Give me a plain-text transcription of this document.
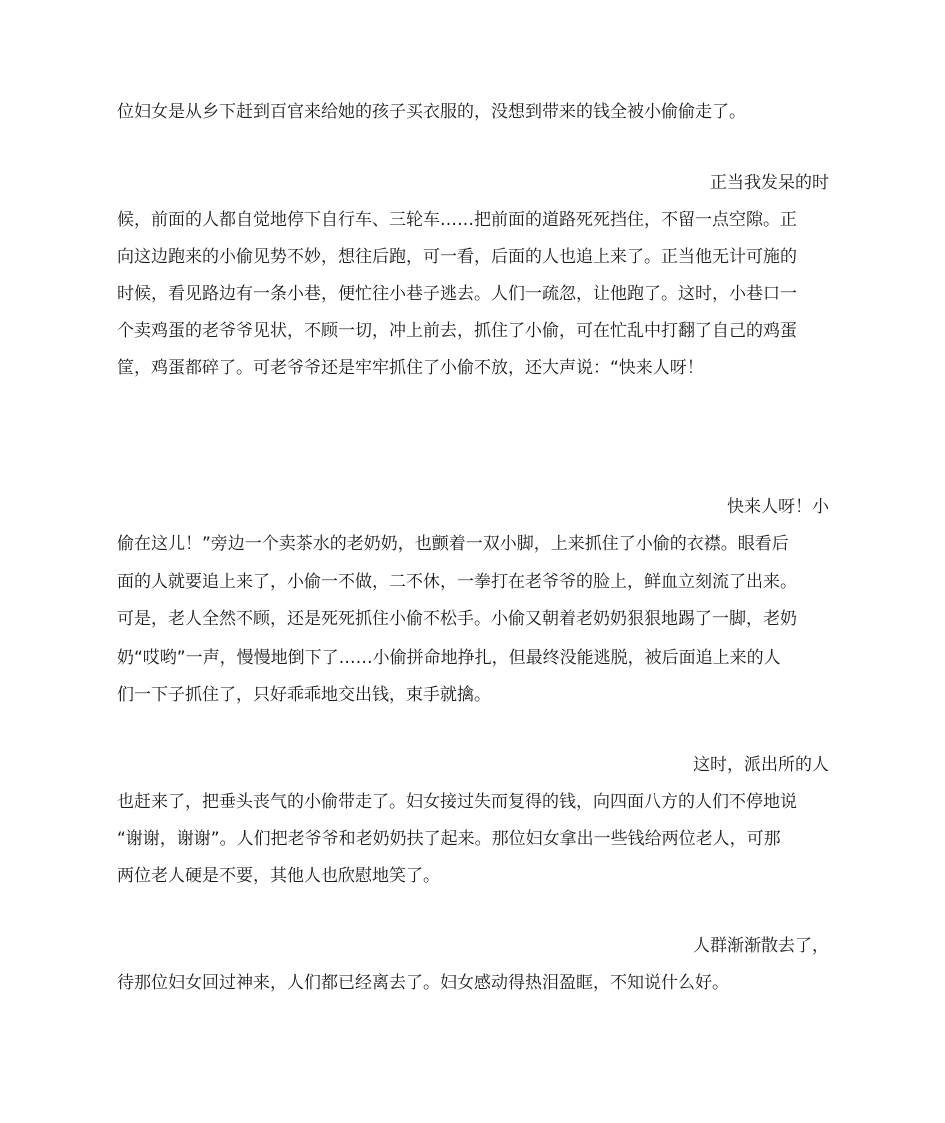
位妇女是从乡下赶到百官来给她的孩子买衣服的，没想到带来的钱全被小偷偷走了。
正当我发呆的时
候，前面的人都自觉地停下自行车、三轮车……把前面的道路死死挡住，不留一点空隙。正
向这边跑来的小偷见势不妙，想往后跑，可一看，后面的人也追上来了。正当他无计可施的
时候，看见路边有一条小巷，便忙往小巷子逃去。人们一疏忽，让他跑了。这时，小巷口一
个卖鸡蛋的老爷爷见状，不顾一切，冲上前去，抓住了小偷，可在忙乱中打翻了自己的鸡蛋
筐，鸡蛋都碎了。可老爷爷还是牢牢抓住了小偷不放，还大声说：“快来人呀！
快来人呀！小
偷在这儿！”旁边一个卖茶水的老奶奶，也颤着一双小脚，上来抓住了小偷的衣襟。眼看后
面的人就要追上来了，小偷一不做，二不休，一拳打在老爷爷的脸上，鲜血立刻流了出来。
可是，老人全然不顾，还是死死抓住小偷不松手。小偷又朝着老奶奶狠狠地踢了一脚，老奶
奶“哎哟”一声，慢慢地倒下了……小偷拼命地挣扎，但最终没能逃脱，被后面追上来的人
们一下子抓住了，只好乖乖地交出钱，束手就擒。
这时，派出所的人
也赶来了，把垂头丧气的小偷带走了。妇女接过失而复得的钱，向四面八方的人们不停地说
“谢谢，谢谢”。人们把老爷爷和老奶奶扶了起来。那位妇女拿出一些钱给两位老人，可那
两位老人硬是不要，其他人也欣慰地笑了。
人群渐渐散去了，
待那位妇女回过神来，人们都已经离去了。妇女感动得热泪盈眶，不知说什么好。
